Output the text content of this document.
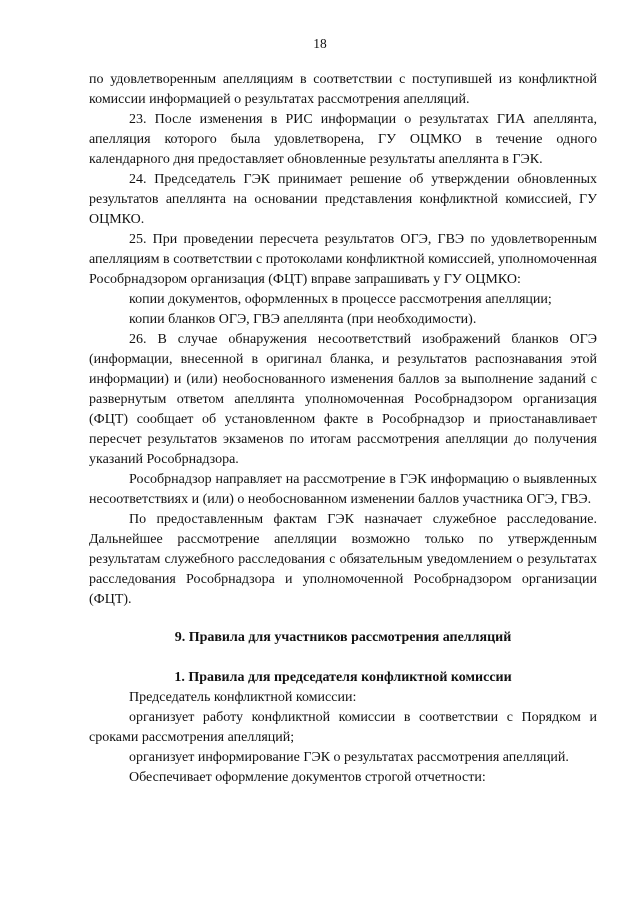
18

по удовлетворенным апелляциям в соответствии с поступившей из конфликтной комиссии информацией о результатах рассмотрения апелляций.

23. После изменения в РИС информации о результатах ГИА апеллянта, апелляция которого была удовлетворена, ГУ ОЦМКО в течение одного календарного дня предоставляет обновленные результаты апеллянта в ГЭК.

24. Председатель ГЭК принимает решение об утверждении обновленных результатов апеллянта на основании представления конфликтной комиссией, ГУ ОЦМКО.

25. При проведении пересчета результатов ОГЭ, ГВЭ по удовлетворенным апелляциям в соответствии с протоколами конфликтной комиссией, уполномоченная Рособрнадзором организация (ФЦТ) вправе запрашивать у ГУ ОЦМКО:

копии документов, оформленных в процессе рассмотрения апелляции;

копии бланков ОГЭ, ГВЭ апеллянта (при необходимости).

26. В случае обнаружения несоответствий изображений бланков ОГЭ (информации, внесенной в оригинал бланка, и результатов распознавания этой информации) и (или) необоснованного изменения баллов за выполнение заданий с развернутым ответом апеллянта уполномоченная Рособрнадзором организация (ФЦТ) сообщает об установленном факте в Рособрнадзор и приостанавливает пересчет результатов экзаменов по итогам рассмотрения апелляции до получения указаний Рособрнадзора.

Рособрнадзор направляет на рассмотрение в ГЭК информацию о выявленных несоответствиях и (или) о необоснованном изменении баллов участника ОГЭ, ГВЭ.

По предоставленным фактам ГЭК назначает служебное расследование. Дальнейшее рассмотрение апелляции возможно только по утвержденным результатам служебного расследования с обязательным уведомлением о результатах расследования Рособрнадзора и уполномоченной Рособрнадзором организации (ФЦТ).

9. Правила для участников рассмотрения апелляций
1. Правила для председателя конфликтной комиссии

Председатель конфликтной комиссии:

организует работу конфликтной комиссии в соответствии с Порядком и сроками рассмотрения апелляций;

организует информирование ГЭК о результатах рассмотрения апелляций.

Обеспечивает оформление документов строгой отчетности:
